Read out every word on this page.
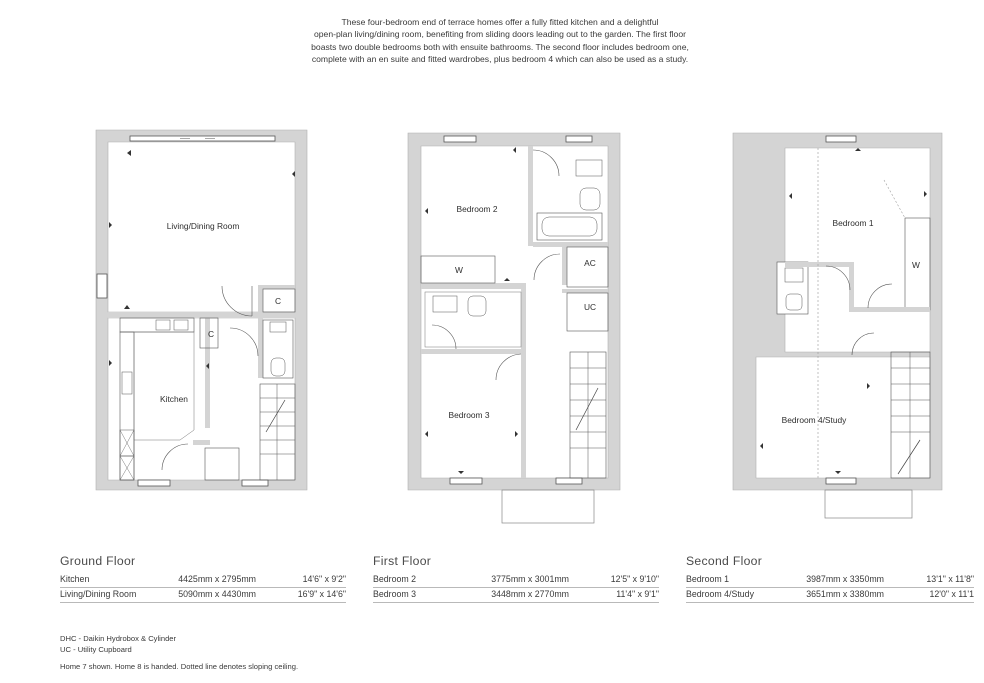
These four-bedroom end of terrace homes offer a fully fitted kitchen and a delightful
open-plan living/dining room, benefiting from sliding doors leading out to the garden. The first floor
boasts two double bedrooms both with ensuite bathrooms. The second floor includes bedroom one,
complete with an en suite and fitted wardrobes, plus bedroom 4 which can also be used as a study.
Living/Dining Room
Kitchen
C
C
Bedroom 2
W
AC
UC
Bedroom 3
Bedroom 1
W
Bedroom 4/Study
Ground Floor
Kitchen	4425mm x 2795mm	14'6" x 9'2"
Living/Dining Room	5090mm x 4430mm	16'9" x 14'6"
First Floor
Bedroom 2	3775mm x 3001mm	12'5" x 9'10"
Bedroom 3	3448mm x 2770mm	11'4" x 9'1"
Second Floor
Bedroom 1	3987mm x 3350mm	13'1" x 11'8"
Bedroom 4/Study	3651mm x 3380mm	12'0" x 11'1
DHC - Daikin Hydrobox & Cylinder
UC - Utility Cupboard
Home 7 shown. Home 8 is handed. Dotted line denotes sloping ceiling.
